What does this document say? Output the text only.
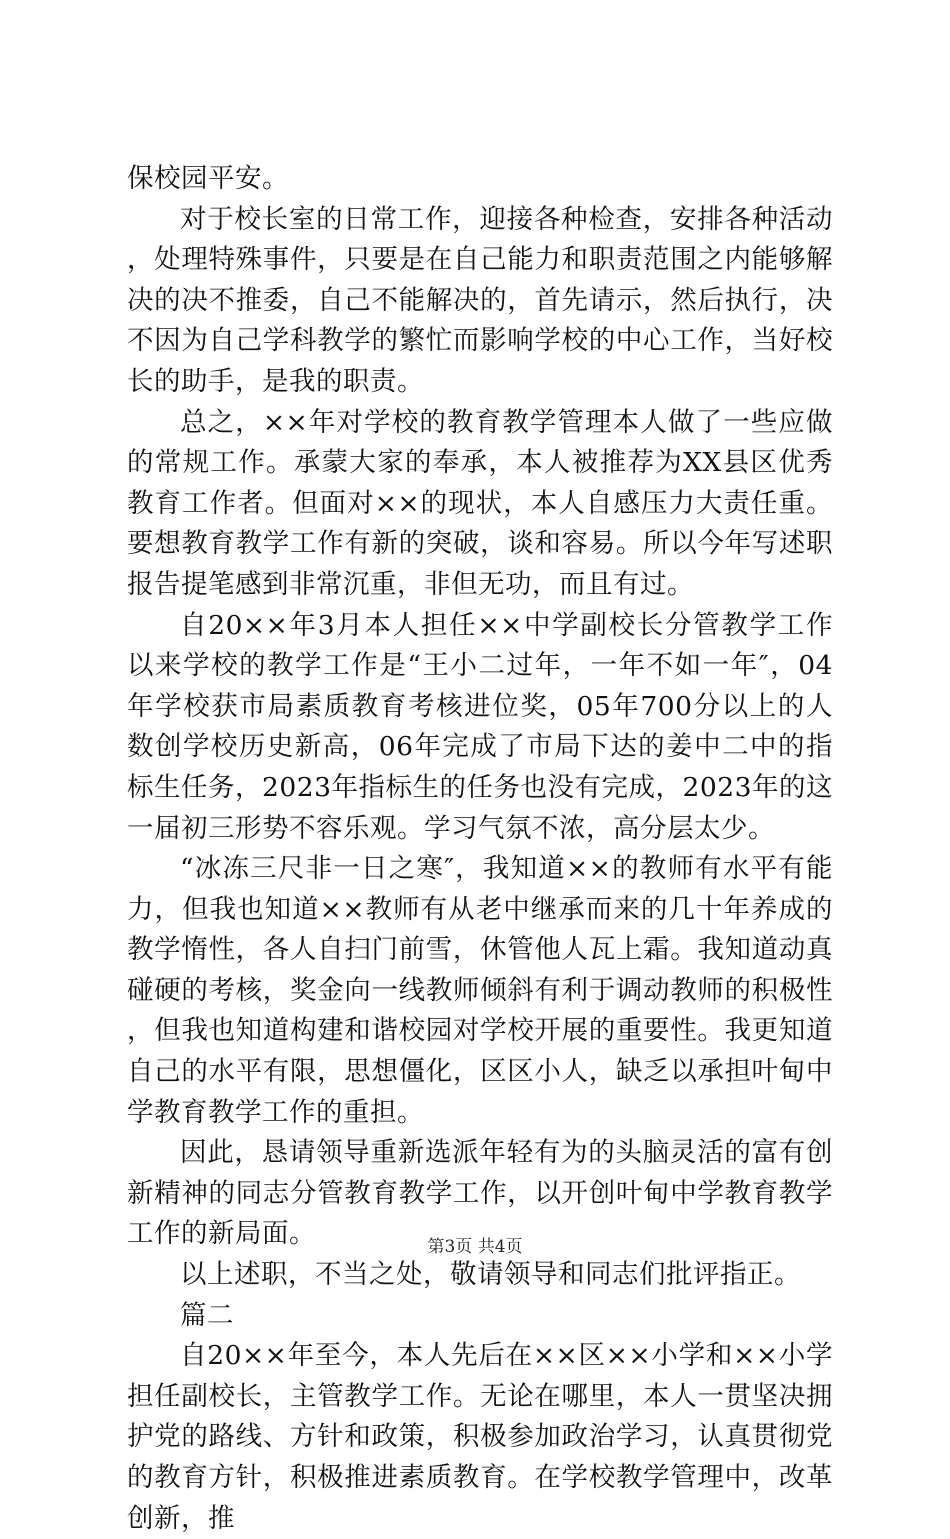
保校园平安。

对于校长室的日常工作，迎接各种检查，安排各种活动，处理特殊事件，只要是在自己能力和职责范围之内能够解决的决不推委，自己不能解决的，首先请示，然后执行，决不因为自己学科教学的繁忙而影响学校的中心工作，当好校长的助手，是我的职责。

总之，××年对学校的教育教学管理本人做了一些应做的常规工作。承蒙大家的奉承，本人被推荐为XX县区优秀教育工作者。但面对××的现状，本人自感压力大责任重。要想教育教学工作有新的突破，谈和容易。所以今年写述职报告提笔感到非常沉重，非但无功，而且有过。

自20××年3月本人担任××中学副校长分管教学工作以来学校的教学工作是“王小二过年，一年不如一年″，04年学校获市局素质教育考核进位奖，05年700分以上的人数创学校历史新高，06年完成了市局下达的姜中二中的指标生任务，2023年指标生的任务也没有完成，2023年的这一届初三形势不容乐观。学习气氛不浓，高分层太少。

“冰冻三尺非一日之寒″，我知道××的教师有水平有能力，但我也知道××教师有从老中继承而来的几十年养成的教学惰性，各人自扫门前雪，休管他人瓦上霜。我知道动真碰硬的考核，奖金向一线教师倾斜有利于调动教师的积极性，但我也知道构建和谐校园对学校开展的重要性。我更知道自己的水平有限，思想僵化，区区小人，缺乏以承担叶甸中学教育教学工作的重担。

因此，恳请领导重新选派年轻有为的头脑灵活的富有创新精神的同志分管教育教学工作，以开创叶甸中学教育教学工作的新局面。

以上述职，不当之处，敬请领导和同志们批评指正。

篇二

自20××年至今，本人先后在××区××小学和××小学担任副校长，主管教学工作。无论在哪里，本人一贯坚决拥护党的路线、方针和政策，积极参加政治学习，认真贯彻党的教育方针，积极推进素质教育。在学校教学管理中，改革创新，推

第3页 共4页
